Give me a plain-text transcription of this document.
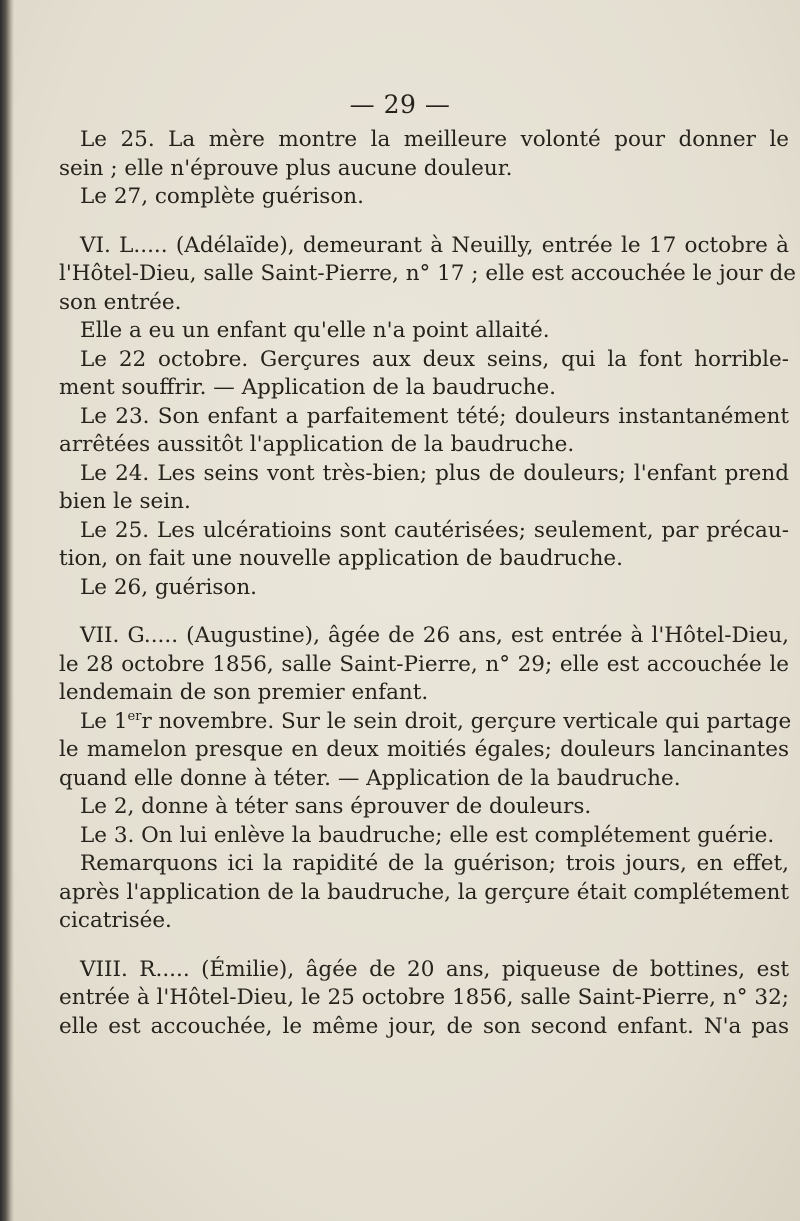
— 29 —
Le 25. La mère montre la meilleure volonté pour donner le
sein ; elle n'éprouve plus aucune douleur.
Le 27, complète guérison.
VI. L..... (Adélaïde), demeurant à Neuilly, entrée le 17 octobre à
l'Hôtel-Dieu, salle Saint-Pierre, n° 17 ; elle est accouchée le jour de
son entrée.
Elle a eu un enfant qu'elle n'a point allaité.
Le 22 octobre. Gerçures aux deux seins, qui la font horrible-
ment souffrir. — Application de la baudruche.
Le 23. Son enfant a parfaitement tété; douleurs instantanément
arrêtées aussitôt l'application de la baudruche.
Le 24. Les seins vont très-bien; plus de douleurs; l'enfant prend
bien le sein.
Le 25. Les ulcératioins sont cautérisées; seulement, par précau-
tion, on fait une nouvelle application de baudruche.
Le 26, guérison.
VII. G..... (Augustine), âgée de 26 ans, est entrée à l'Hôtel-Dieu,
le 28 octobre 1856, salle Saint-Pierre, n° 29; elle est accouchée le
lendemain de son premier enfant.
Le 1err novembre. Sur le sein droit, gerçure verticale qui partage
le mamelon presque en deux moitiés égales; douleurs lancinantes
quand elle donne à téter. — Application de la baudruche.
Le 2, donne à téter sans éprouver de douleurs.
Le 3. On lui enlève la baudruche; elle est complétement guérie.
Remarquons ici la rapidité de la guérison; trois jours, en effet,
après l'application de la baudruche, la gerçure était complétement
cicatrisée.
VIII. R..... (Émilie), âgée de 20 ans, piqueuse de bottines, est
entrée à l'Hôtel-Dieu, le 25 octobre 1856, salle Saint-Pierre, n° 32;
elle est accouchée, le même jour, de son second enfant. N'a pas
